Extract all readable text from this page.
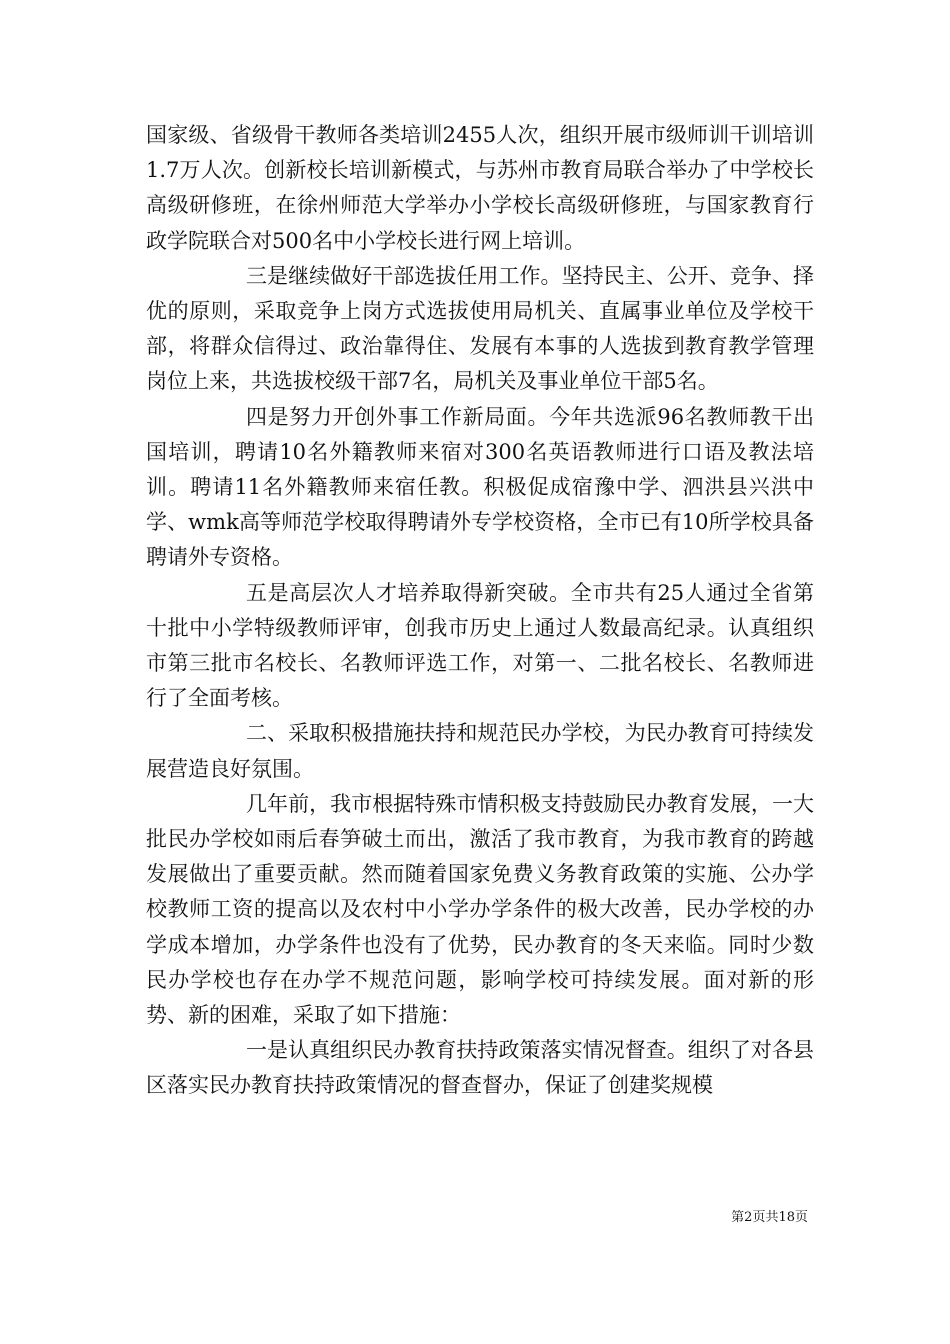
国家级、省级骨干教师各类培训2455人次，组织开展市级师训干训培训1.7万人次。创新校长培训新模式，与苏州市教育局联合举办了中学校长高级研修班，在徐州师范大学举办小学校长高级研修班，与国家教育行政学院联合对500名中小学校长进行网上培训。

三是继续做好干部选拔任用工作。坚持民主、公开、竞争、择优的原则，采取竞争上岗方式选拔使用局机关、直属事业单位及学校干部，将群众信得过、政治靠得住、发展有本事的人选拔到教育教学管理岗位上来，共选拔校级干部7名，局机关及事业单位干部5名。

四是努力开创外事工作新局面。今年共选派96名教师教干出国培训，聘请10名外籍教师来宿对300名英语教师进行口语及教法培训。聘请11名外籍教师来宿任教。积极促成宿豫中学、泗洪县兴洪中学、wmk高等师范学校取得聘请外专学校资格，全市已有10所学校具备聘请外专资格。

五是高层次人才培养取得新突破。全市共有25人通过全省第十批中小学特级教师评审，创我市历史上通过人数最高纪录。认真组织市第三批市名校长、名教师评选工作，对第一、二批名校长、名教师进行了全面考核。

二、采取积极措施扶持和规范民办学校，为民办教育可持续发展营造良好氛围。

几年前，我市根据特殊市情积极支持鼓励民办教育发展，一大批民办学校如雨后春笋破土而出，激活了我市教育，为我市教育的跨越发展做出了重要贡献。然而随着国家免费义务教育政策的实施、公办学校教师工资的提高以及农村中小学办学条件的极大改善，民办学校的办学成本增加，办学条件也没有了优势，民办教育的冬天来临。同时少数民办学校也存在办学不规范问题，影响学校可持续发展。面对新的形势、新的困难，采取了如下措施：

一是认真组织民办教育扶持政策落实情况督查。组织了对各县区落实民办教育扶持政策情况的督查督办，保证了创建奖规模

第2页共18页
